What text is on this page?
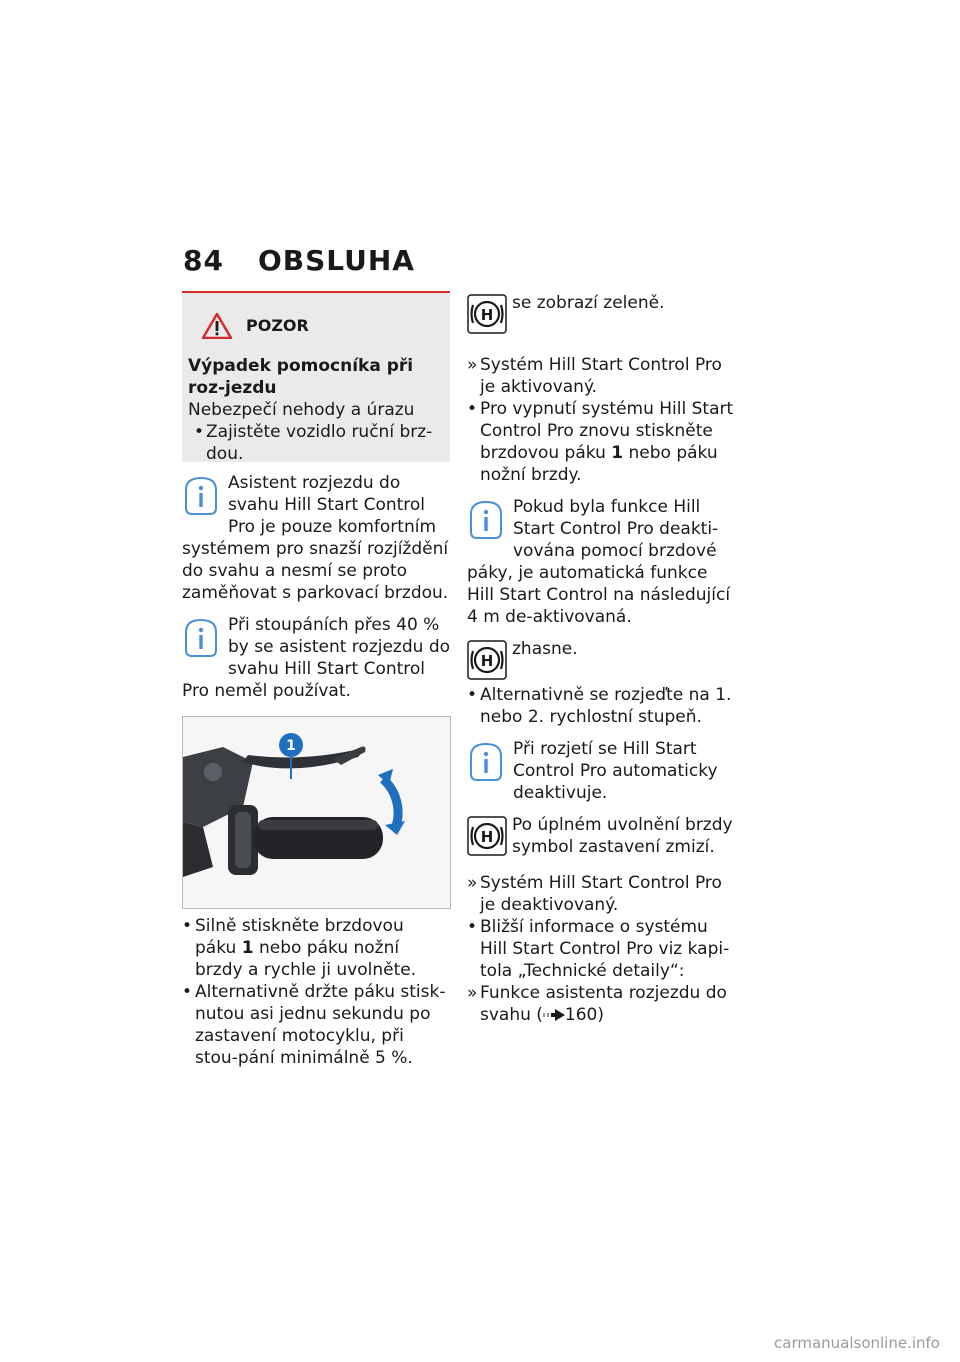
84 OBSLUHA
POZOR
Výpadek pomocníka při roz-jezdu
Nebezpečí nehody a úrazu
• Zajistěte vozidlo ruční brz-dou.
Asistent rozjezdu do svahu Hill Start Control Pro je pouze komfortním systémem pro snazší rozjíždění do svahu a nesmí se proto zaměňovat s parkovací brzdou.
Při stoupáních přes 40 % by se asistent rozjezdu do svahu Hill Start Control Pro neměl používat.
1
• Silně stiskněte brzdovou páku 1 nebo páku nožní brzdy a rychle ji uvolněte.
• Alternativně držte páku stisk-nutou asi jednu sekundu po zastavení motocyklu, při stou-pání minimálně 5 %.
H
se zobrazí zeleně.
» Systém Hill Start Control Pro je aktivovaný.
• Pro vypnutí systému Hill Start Control Pro znovu stiskněte brzdovou páku 1 nebo páku nožní brzdy.
Pokud byla funkce Hill Start Control Pro deakti-vována pomocí brzdové páky, je automatická funkce Hill Start Control na následující 4 m de-aktivovaná.
H
zhasne.
• Alternativně se rozjeďte na 1. nebo 2. rychlostní stupeň.
Při rozjetí se Hill Start Control Pro automaticky deaktivuje.
H
Po úplném uvolnění brzdy symbol zastavení zmizí.
» Systém Hill Start Control Pro je deaktivovaný.
• Bližší informace o systému Hill Start Control Pro viz kapi-tola „Technické detaily“:
» Funkce asistenta rozjezdu do svahu ( 160)
carmanualsonline.info
